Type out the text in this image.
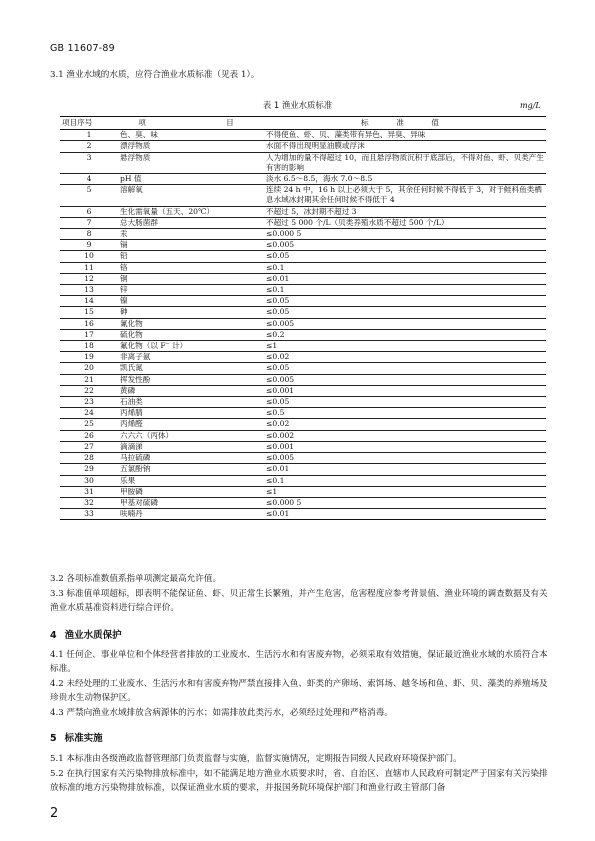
GB 11607-89
3.1 渔业水域的水质，应符合渔业水质标准（见表 1）。
表 1 渔业水质标准	mg/L
项目序号	项　　　　目	标　准　值
1	色、臭、味	不得使鱼、虾、贝、藻类带有异色、异臭、异味
2	漂浮物质	水面不得出现明显油膜或浮沫
3	悬浮物质	人为增加的量不得超过 10，而且悬浮物质沉积于底部后，不得对鱼、虾、贝类产生有害的影响
4	pH 值	淡水 6.5～8.5，海水 7.0～8.5
5	溶解氧	连续 24 h 中，16 h 以上必须大于 5，其余任何时候不得低于 3，对于鲑科鱼类栖息水域冰封期其余任何时候不得低于 4
6	生化需氧量（五天、20℃）	不超过 5，冰封期不超过 3
7	总大肠菌群	不超过 5 000 个/L（贝类养殖水质不超过 500 个/L）
8	汞	≤0.000 5
9	镉	≤0.005
10	铅	≤0.05
11	铬	≤0.1
12	铜	≤0.01
13	锌	≤0.1
14	镍	≤0.05
15	砷	≤0.05
16	氰化物	≤0.005
17	硫化物	≤0.2
18	氟化物（以 F⁻ 计）	≤1
19	非离子氨	≤0.02
20	凯氏氮	≤0.05
21	挥发性酚	≤0.005
22	黄磷	≤0.001
23	石油类	≤0.05
24	丙烯腈	≤0.5
25	丙烯醛	≤0.02
26	六六六（丙体）	≤0.002
27	滴滴涕	≤0.001
28	马拉硫磷	≤0.005
29	五氯酚钠	≤0.01
30	乐果	≤0.1
31	甲胺磷	≤1
32	甲基对硫磷	≤0.000 5
33	呋喃丹	≤0.01
3.2 各项标准数值系指单项测定最高允许值。
3.3 标准值单项超标，即表明不能保证鱼、虾、贝正常生长繁殖，并产生危害，危害程度应参考背景值、渔业环境的调查数据及有关渔业水质基准资料进行综合评价。
4 渔业水质保护
4.1 任何企、事业单位和个体经营者排放的工业废水、生活污水和有害废弃物，必须采取有效措施，保证最近渔业水域的水质符合本标准。
4.2 未经处理的工业废水、生活污水和有害废弃物严禁直接排入鱼、虾类的产卵场、索饵场、越冬场和鱼、虾、贝、藻类的养殖场及珍贵水生动物保护区。
4.3 严禁向渔业水域排放含病源体的污水；如需排放此类污水，必须经过处理和严格消毒。
5 标准实施
5.1 本标准由各级渔政监督管理部门负责监督与实施，监督实施情况，定期报告同级人民政府环境保护部门。
5.2 在执行国家有关污染物排放标准中，如不能满足地方渔业水质要求时，省、自治区、直辖市人民政府可制定严于国家有关污染排放标准的地方污染物排放标准，以保证渔业水质的要求，并报国务院环境保护部门和渔业行政主管部门备
2
